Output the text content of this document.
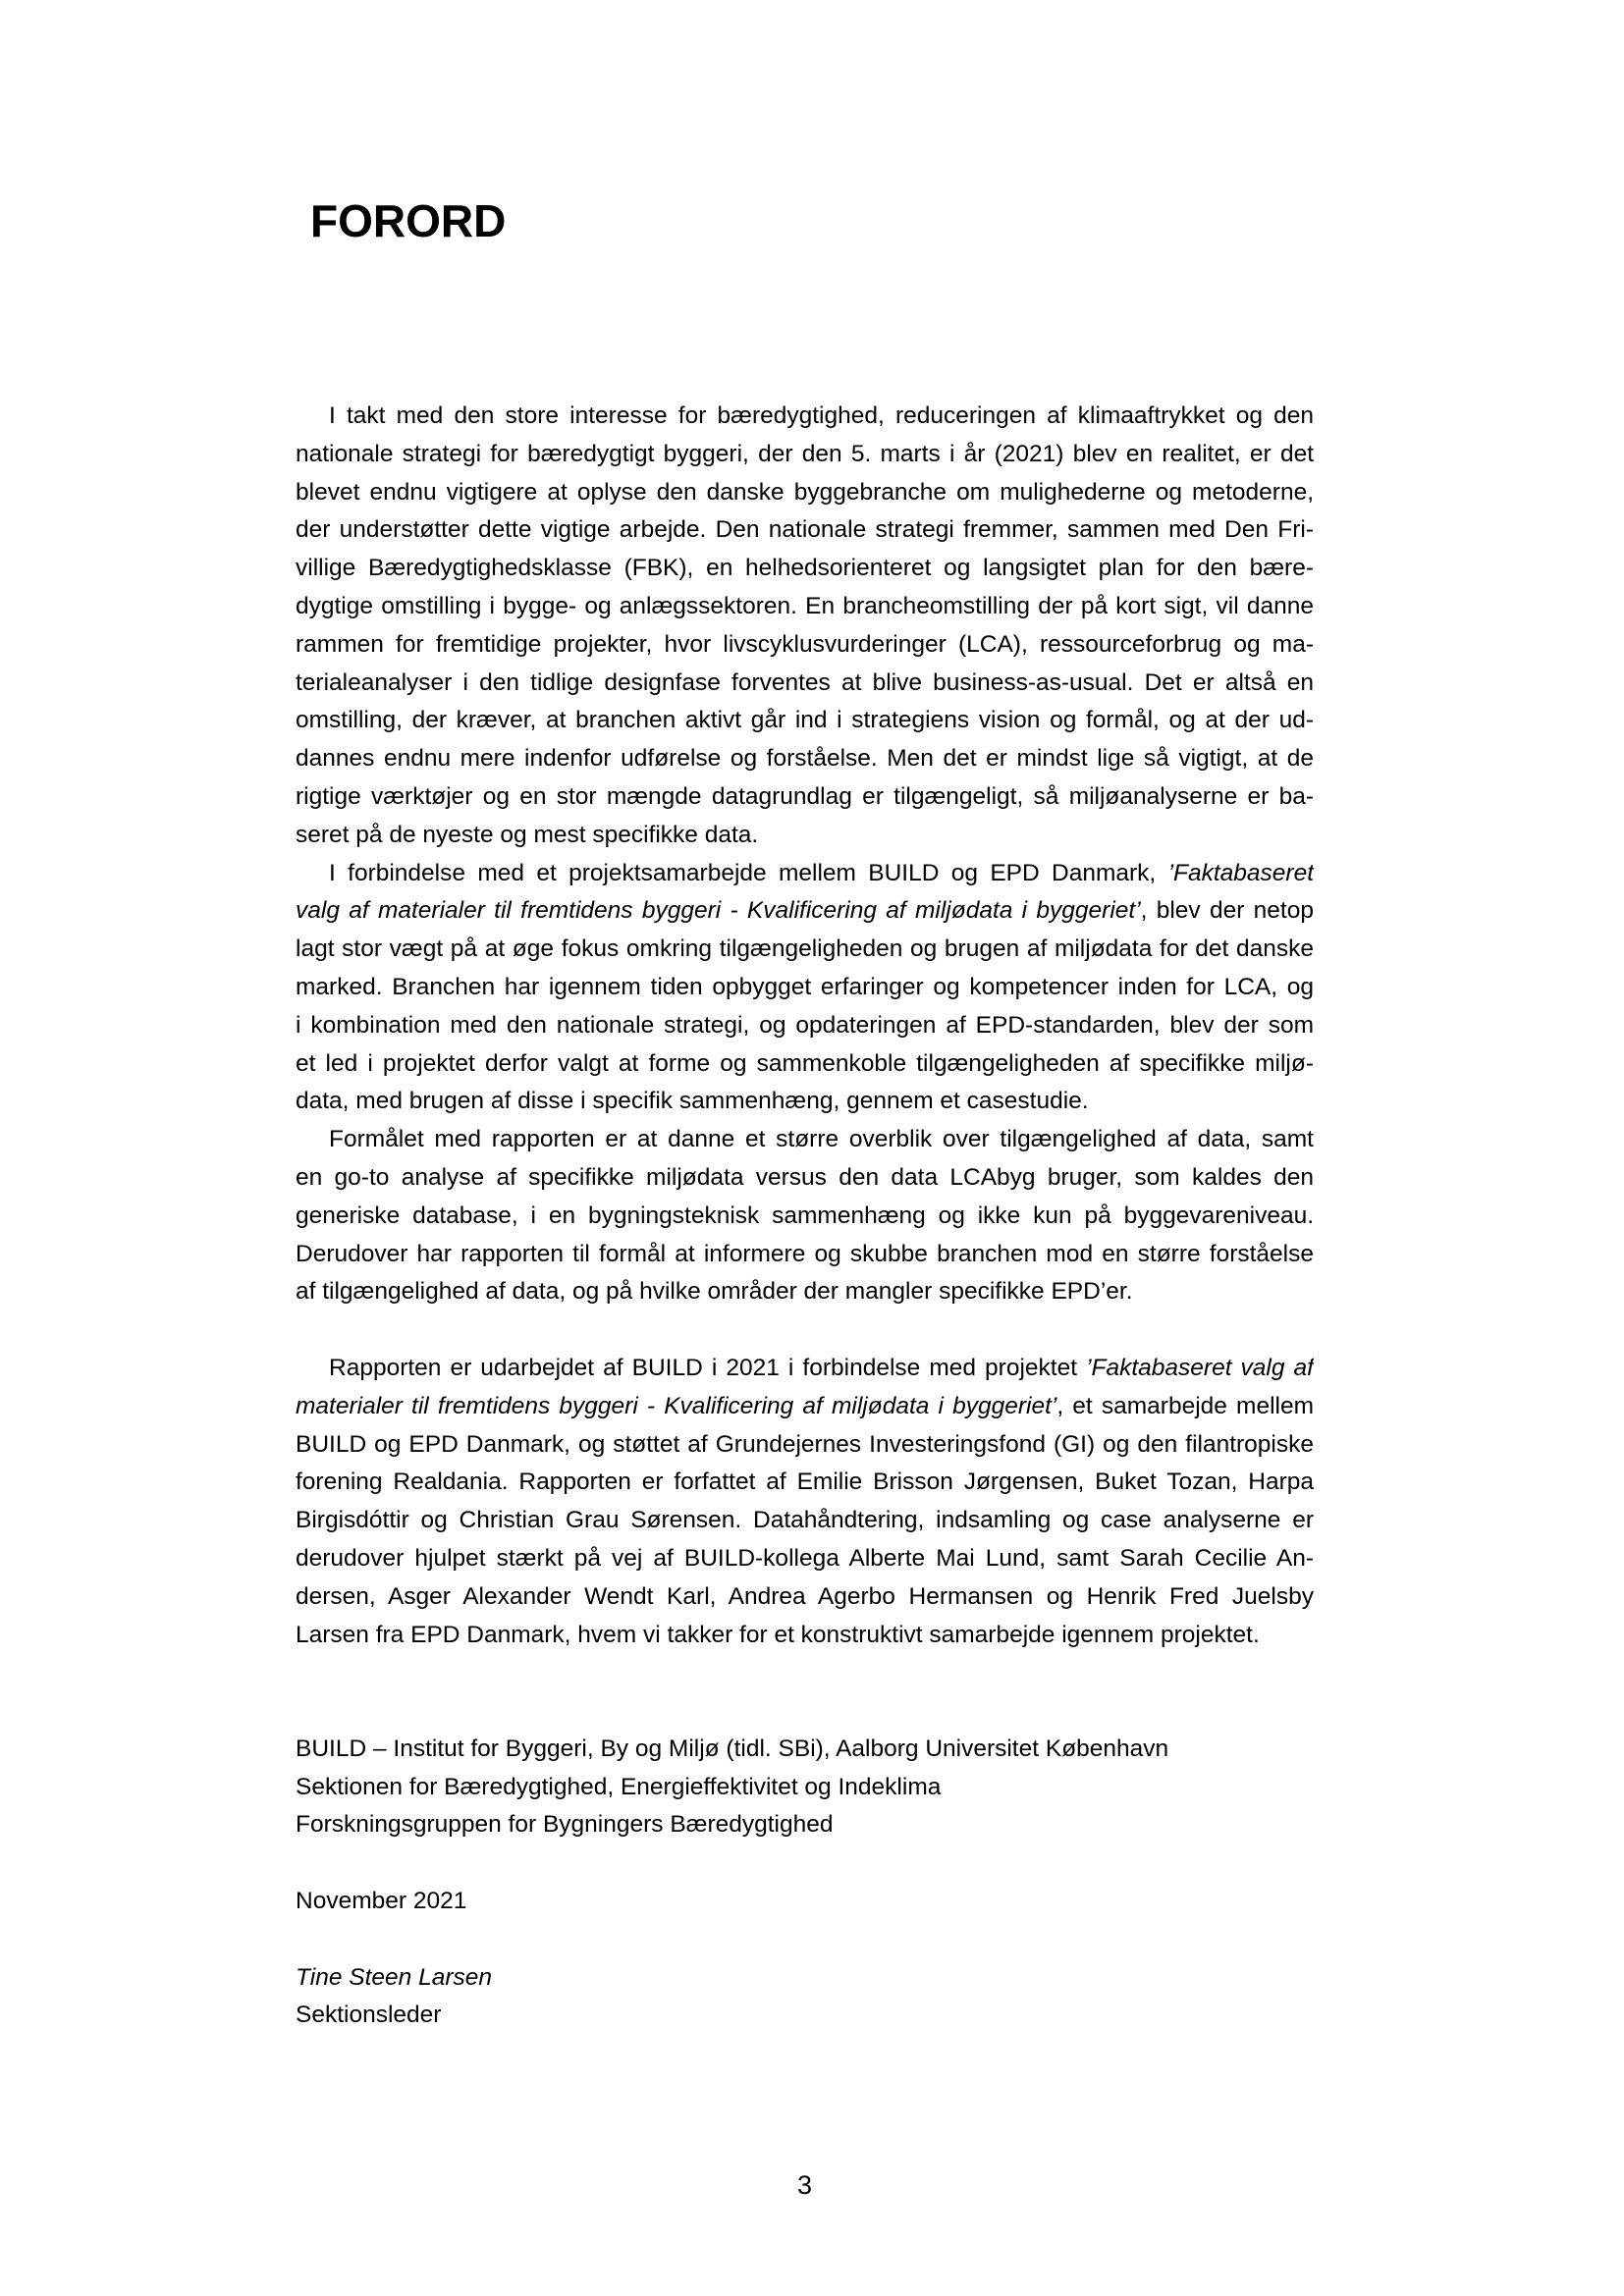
FORORD
I takt med den store interesse for bæredygtighed, reduceringen af klimaaftrykket og den
nationale strategi for bæredygtigt byggeri, der den 5. marts i år (2021) blev en realitet, er det
blevet endnu vigtigere at oplyse den danske byggebranche om mulighederne og metoderne,
der understøtter dette vigtige arbejde. Den nationale strategi fremmer, sammen med Den Fri-
villige Bæredygtighedsklasse (FBK), en helhedsorienteret og langsigtet plan for den bære-
dygtige omstilling i bygge- og anlægssektoren. En brancheomstilling der på kort sigt, vil danne
rammen for fremtidige projekter, hvor livscyklusvurderinger (LCA), ressourceforbrug og ma-
terialeanalyser i den tidlige designfase forventes at blive business-as-usual. Det er altså en
omstilling, der kræver, at branchen aktivt går ind i strategiens vision og formål, og at der ud-
dannes endnu mere indenfor udførelse og forståelse. Men det er mindst lige så vigtigt, at de
rigtige værktøjer og en stor mængde datagrundlag er tilgængeligt, så miljøanalyserne er ba-
seret på de nyeste og mest specifikke data.
I forbindelse med et projektsamarbejde mellem BUILD og EPD Danmark, ’Faktabaseret
valg af materialer til fremtidens byggeri - Kvalificering af miljødata i byggeriet’, blev der netop
lagt stor vægt på at øge fokus omkring tilgængeligheden og brugen af miljødata for det danske
marked. Branchen har igennem tiden opbygget erfaringer og kompetencer inden for LCA, og
i kombination med den nationale strategi, og opdateringen af EPD-standarden, blev der som
et led i projektet derfor valgt at forme og sammenkoble tilgængeligheden af specifikke miljø-
data, med brugen af disse i specifik sammenhæng, gennem et casestudie.
Formålet med rapporten er at danne et større overblik over tilgængelighed af data, samt
en go-to analyse af specifikke miljødata versus den data LCAbyg bruger, som kaldes den
generiske database, i en bygningsteknisk sammenhæng og ikke kun på byggevareniveau.
Derudover har rapporten til formål at informere og skubbe branchen mod en større forståelse
af tilgængelighed af data, og på hvilke områder der mangler specifikke EPD’er.
Rapporten er udarbejdet af BUILD i 2021 i forbindelse med projektet ’Faktabaseret valg af
materialer til fremtidens byggeri - Kvalificering af miljødata i byggeriet’, et samarbejde mellem
BUILD og EPD Danmark, og støttet af Grundejernes Investeringsfond (GI) og den filantropiske
forening Realdania. Rapporten er forfattet af Emilie Brisson Jørgensen, Buket Tozan, Harpa
Birgisdóttir og Christian Grau Sørensen. Datahåndtering, indsamling og case analyserne er
derudover hjulpet stærkt på vej af BUILD-kollega Alberte Mai Lund, samt Sarah Cecilie An-
dersen, Asger Alexander Wendt Karl, Andrea Agerbo Hermansen og Henrik Fred Juelsby
Larsen fra EPD Danmark, hvem vi takker for et konstruktivt samarbejde igennem projektet.
BUILD – Institut for Byggeri, By og Miljø (tidl. SBi), Aalborg Universitet København
Sektionen for Bæredygtighed, Energieffektivitet og Indeklima
Forskningsgruppen for Bygningers Bæredygtighed
November 2021
Tine Steen Larsen
Sektionsleder
3
